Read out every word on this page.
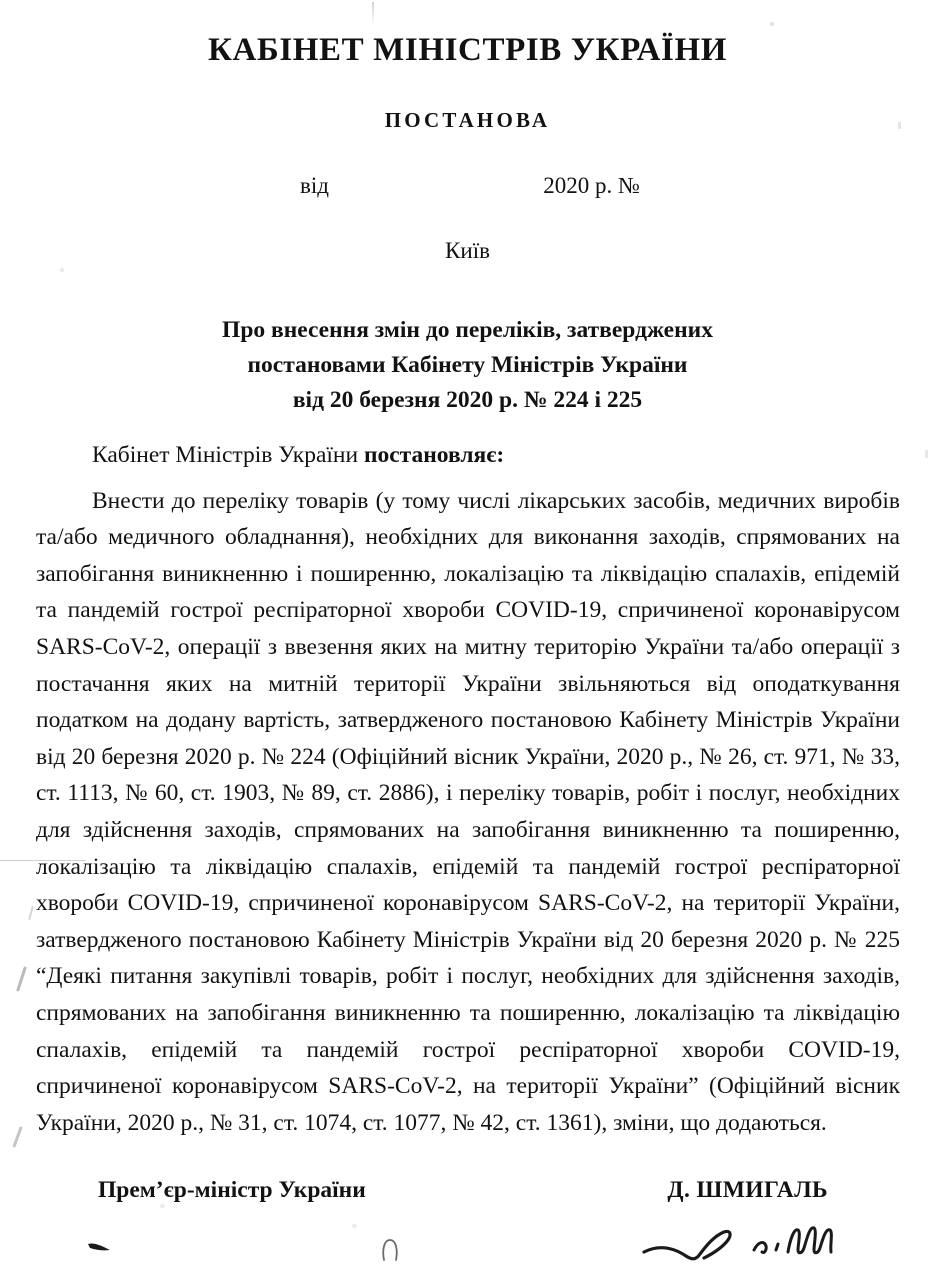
КАБІНЕТ МІНІСТРІВ УКРАЇНИ
ПОСТАНОВА
від	2020 р. №
Київ
Про внесення змін до переліків, затверджених
постановами Кабінету Міністрів України
від 20 березня 2020 р. № 224 і 225

Кабінет Міністрів України постановляє:

Внести до переліку товарів (у тому числі лікарських засобів, медичних виробів та/або медичного обладнання), необхідних для виконання заходів, спрямованих на запобігання виникненню і поширенню, локалізацію та ліквідацію спалахів, епідемій та пандемій гострої респіраторної хвороби COVID-19, спричиненої коронавірусом SARS-CoV-2, операції з ввезення яких на митну територію України та/або операції з постачання яких на митній території України звільняються від оподаткування податком на додану вартість, затвердженого постановою Кабінету Міністрів України від 20 березня 2020 р. № 224 (Офіційний вісник України, 2020 р., № 26, ст. 971, № 33, ст. 1113, № 60, ст. 1903, № 89, ст. 2886), і переліку товарів, робіт і послуг, необхідних для здійснення заходів, спрямованих на запобігання виникненню та поширенню, локалізацію та ліквідацію спалахів, епідемій та пандемій гострої респіраторної хвороби COVID-19, спричиненої коронавірусом SARS-CoV-2, на території України, затвердженого постановою Кабінету Міністрів України від 20 березня 2020 р. № 225 “Деякі питання закупівлі товарів, робіт і послуг, необхідних для здійснення заходів, спрямованих на запобігання виникненню та поширенню, локалізацію та ліквідацію спалахів, епідемій та пандемій гострої респіраторної хвороби COVID-19, спричиненої коронавірусом SARS-CoV-2, на території України” (Офіційний вісник України, 2020 р., № 31, ст. 1074, ст. 1077, № 42, ст. 1361), зміни, що додаються.

Прем’єр-міністр України	Д. ШМИГАЛЬ
